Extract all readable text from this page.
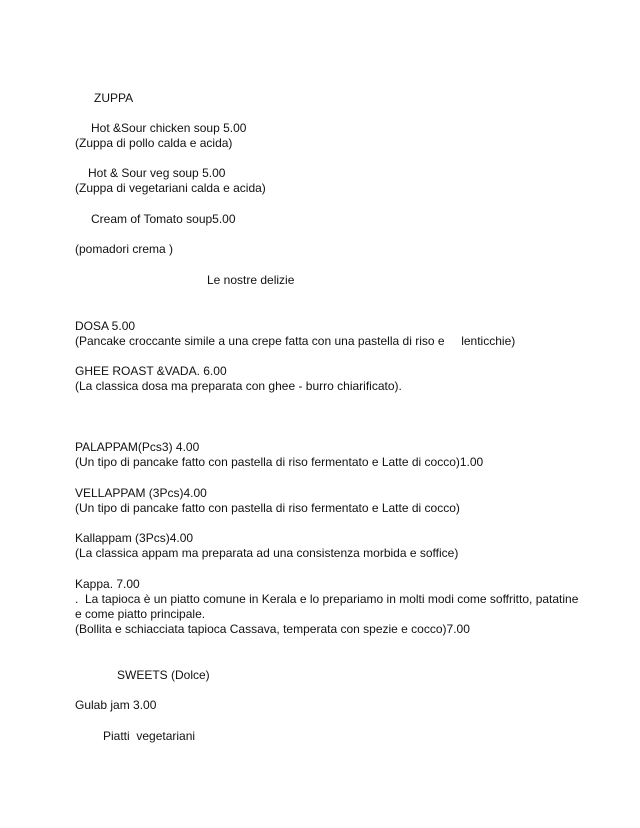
ZUPPA

Hot &Sour chicken soup 5.00

(Zuppa di pollo calda e acida)

Hot & Sour veg soup 5.00

(Zuppa di vegetariani calda e acida)

Cream of Tomato soup5.00

(pomadori crema )

Le nostre delizie

DOSA 5.00

(Pancake croccante simile a una crepe fatta con una pastella di riso e     lenticchie)

GHEE ROAST &VADA. 6.00

(La classica dosa ma preparata con ghee - burro chiarificato).

PALAPPAM(Pcs3) 4.00

(Un tipo di pancake fatto con pastella di riso fermentato e Latte di cocco)1.00

VELLAPPAM (3Pcs)4.00

(Un tipo di pancake fatto con pastella di riso fermentato e Latte di cocco)

Kallappam (3Pcs)4.00

(La classica appam ma preparata ad una consistenza morbida e soffice)

Kappa. 7.00

.  La tapioca è un piatto comune in Kerala e lo prepariamo in molti modi come soffritto, patatine

e come piatto principale.

(Bollita e schiacciata tapioca Cassava, temperata con spezie e cocco)7.00

SWEETS (Dolce)

Gulab jam 3.00

Piatti  vegetariani
